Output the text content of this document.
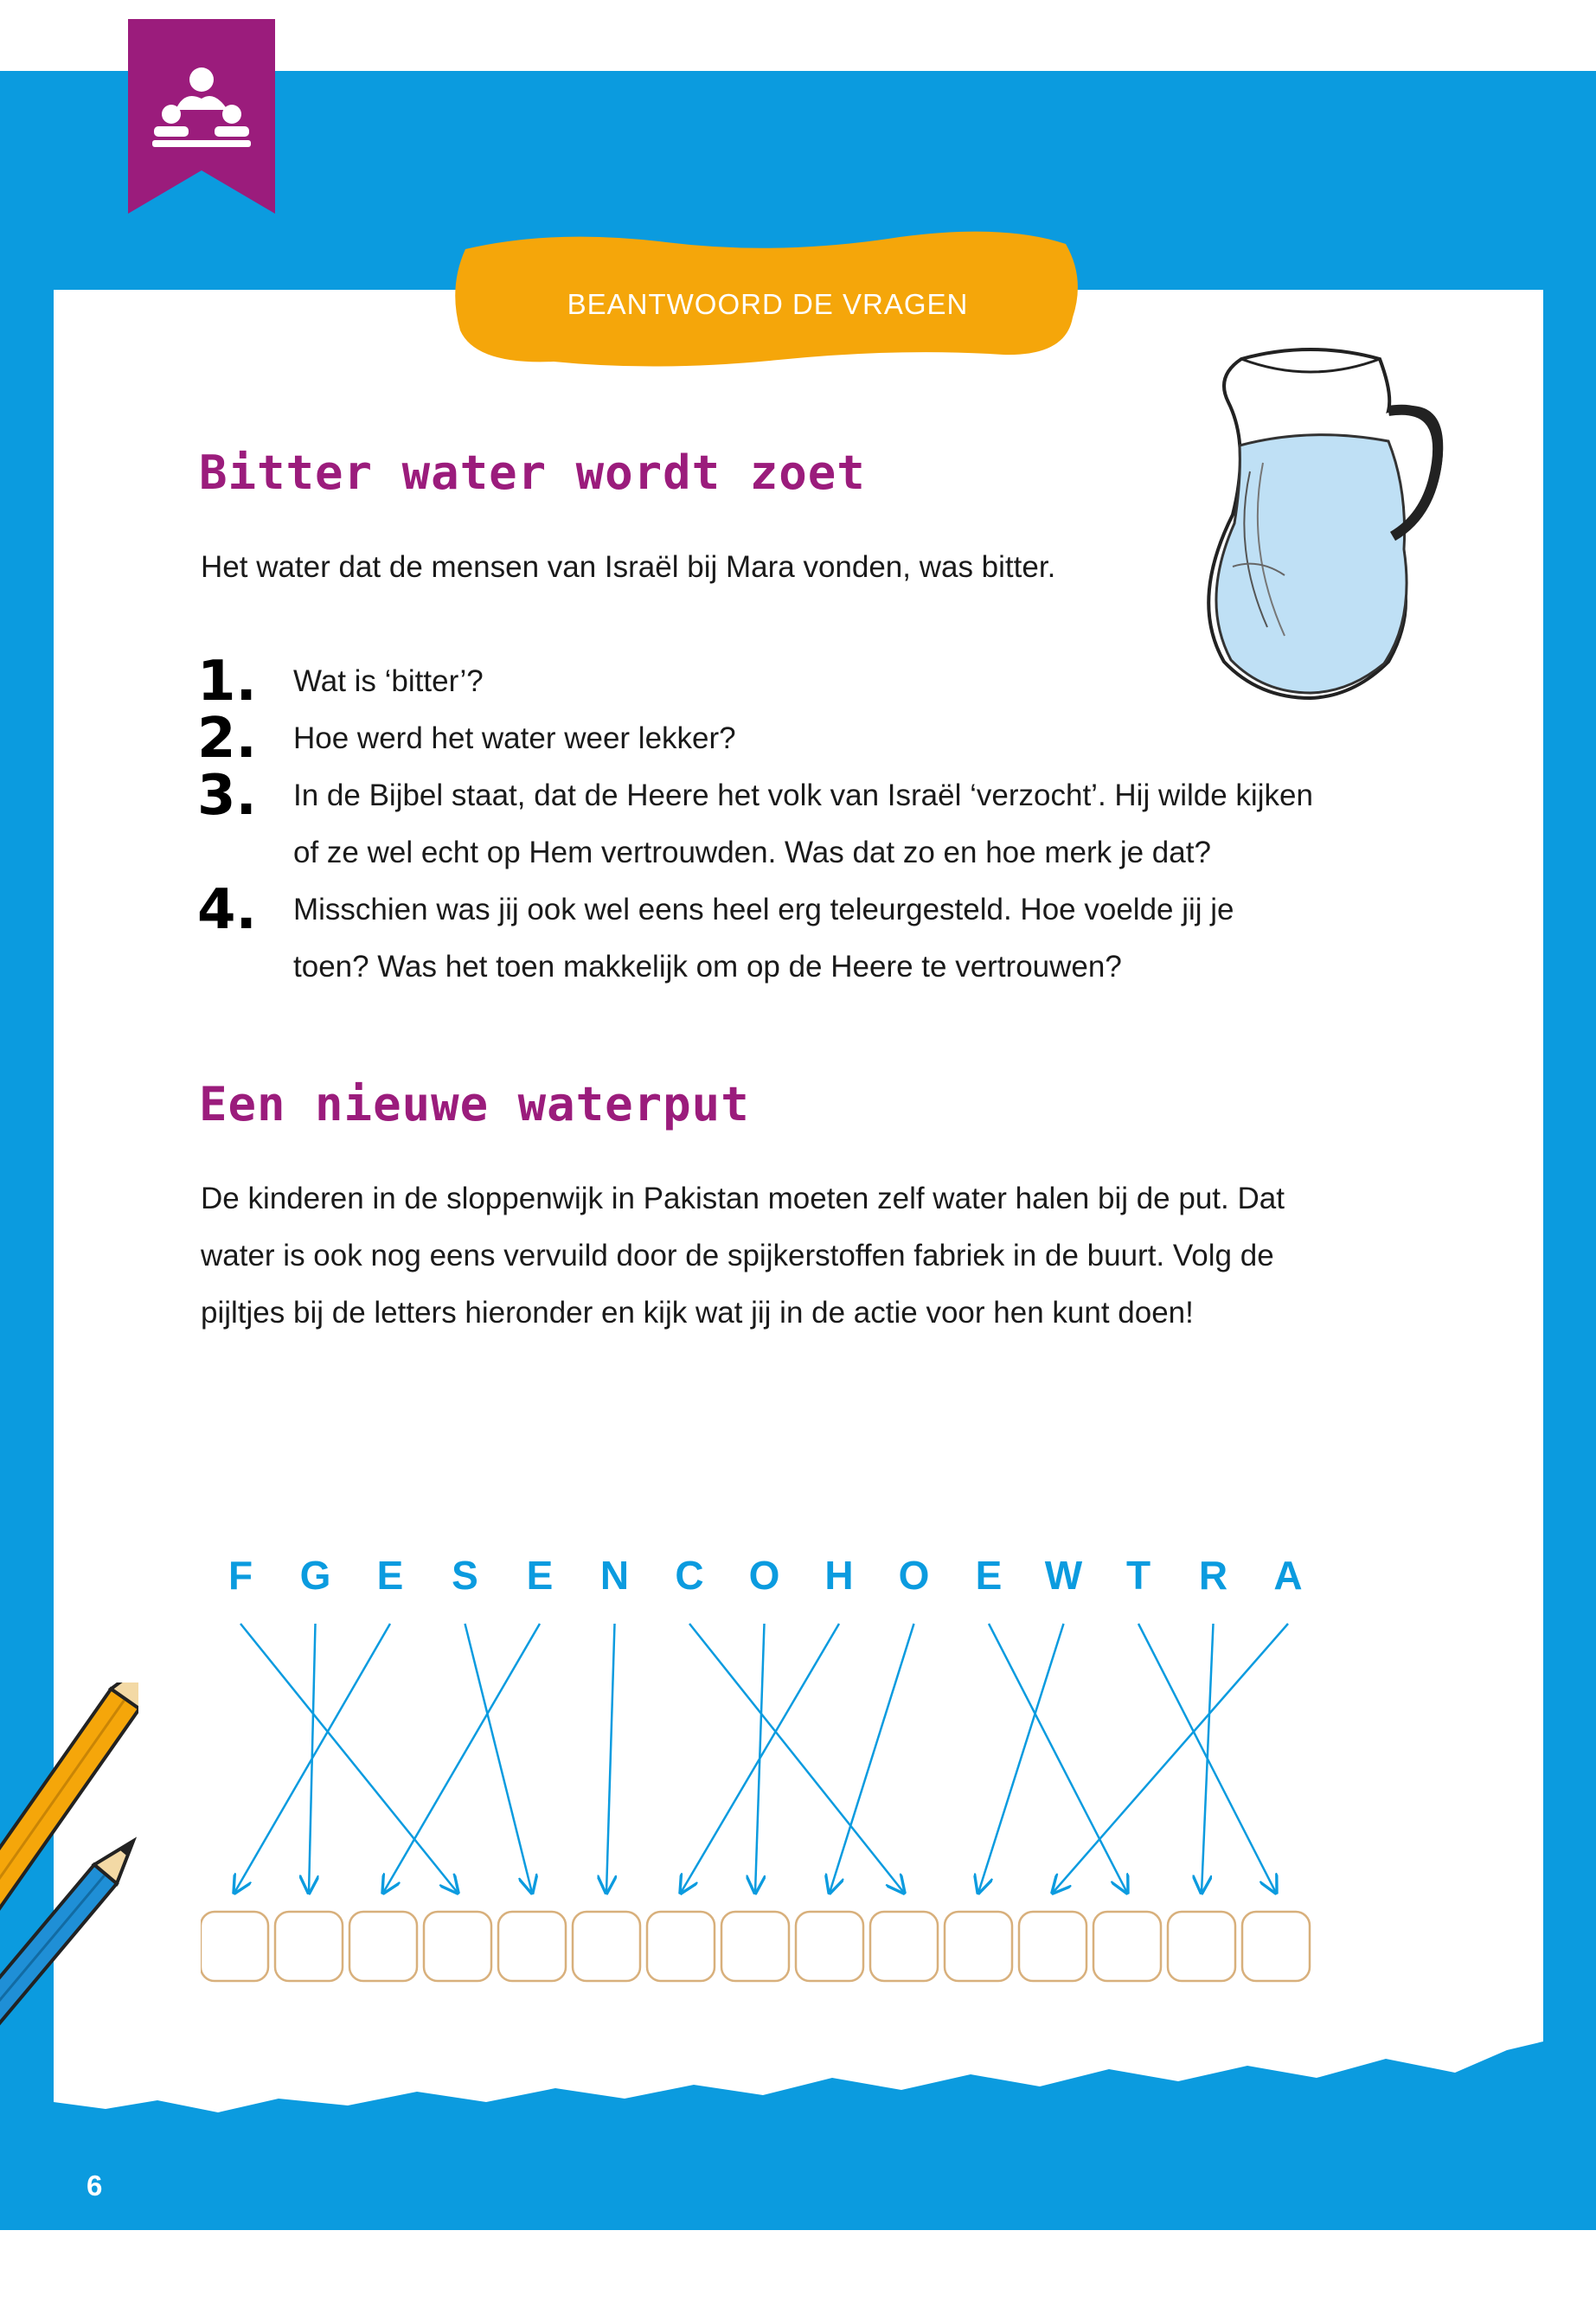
BEANTWOORD DE VRAGEN
Bitter water wordt zoet

Het water dat de mensen van Israël bij Mara vonden, was bitter.

1. Wat is ‘bitter’?
2. Hoe werd het water weer lekker?
3. In de Bijbel staat, dat de Heere het volk van Israël ‘verzocht’. Hij wilde kijken
of ze wel echt op Hem vertrouwden. Was dat zo en hoe merk je dat?
4. Misschien was jij ook wel eens heel erg teleurgesteld. Hoe voelde jij je
toen? Was het toen makkelijk om op de Heere te vertrouwen?
Een nieuwe waterput
De kinderen in de sloppenwijk in Pakistan moeten zelf water halen bij de put. Dat
water is ook nog eens vervuild door de spijkerstoffen fabriek in de buurt. Volg de
pijltjes bij de letters hieronder en kijk wat jij in de actie voor hen kunt doen!
F G E S E N C O H O E W T R A
6
